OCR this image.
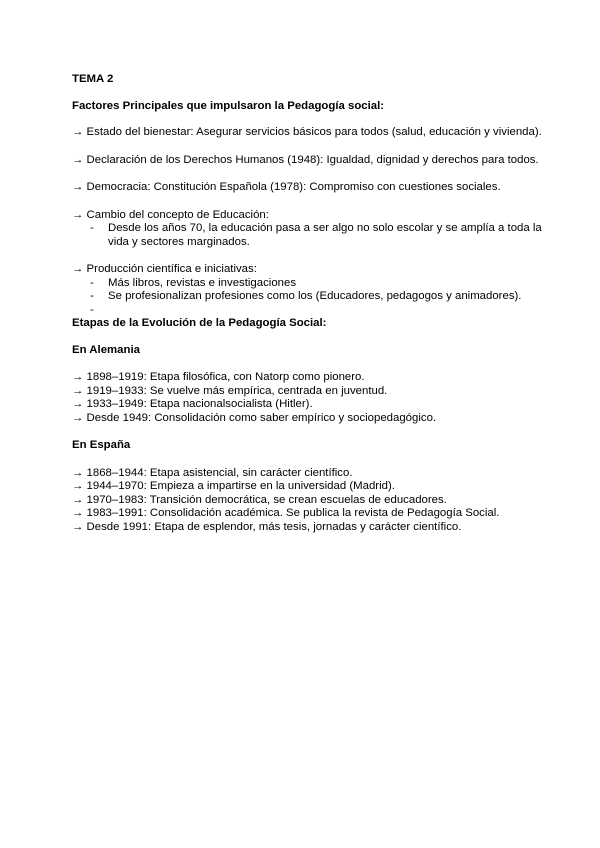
TEMA 2
Factores Principales que impulsaron la Pedagogía social:
→ Estado del bienestar: Asegurar servicios básicos para todos (salud, educación y vivienda).
→ Declaración de los Derechos Humanos (1948): Igualdad, dignidad y derechos para todos.
→ Democracia: Constitución Española (1978): Compromiso con cuestiones sociales.
→ Cambio del concepto de Educación:
- Desde los años 70, la educación pasa a ser algo no solo escolar y se amplía a toda la vida y sectores marginados.
→ Producción científica e iniciativas:
- Más libros, revistas e investigaciones
- Se profesionalizan profesiones como los (Educadores, pedagogos y animadores).
-
Etapas de la Evolución de la Pedagogía Social:
En Alemania
→ 1898–1919: Etapa filosófica, con Natorp como pionero.
→ 1919–1933: Se vuelve más empírica, centrada en juventud.
→ 1933–1949: Etapa nacionalsocialista (Hitler).
→ Desde 1949: Consolidación como saber empírico y sociopedagógico.
En España
→ 1868–1944: Etapa asistencial, sin carácter científico.
→ 1944–1970: Empieza a impartirse en la universidad (Madrid).
→ 1970–1983: Transición democrática, se crean escuelas de educadores.
→ 1983–1991: Consolidación académica. Se publica la revista de Pedagogía Social.
→ Desde 1991: Etapa de esplendor, más tesis, jornadas y carácter científico.
